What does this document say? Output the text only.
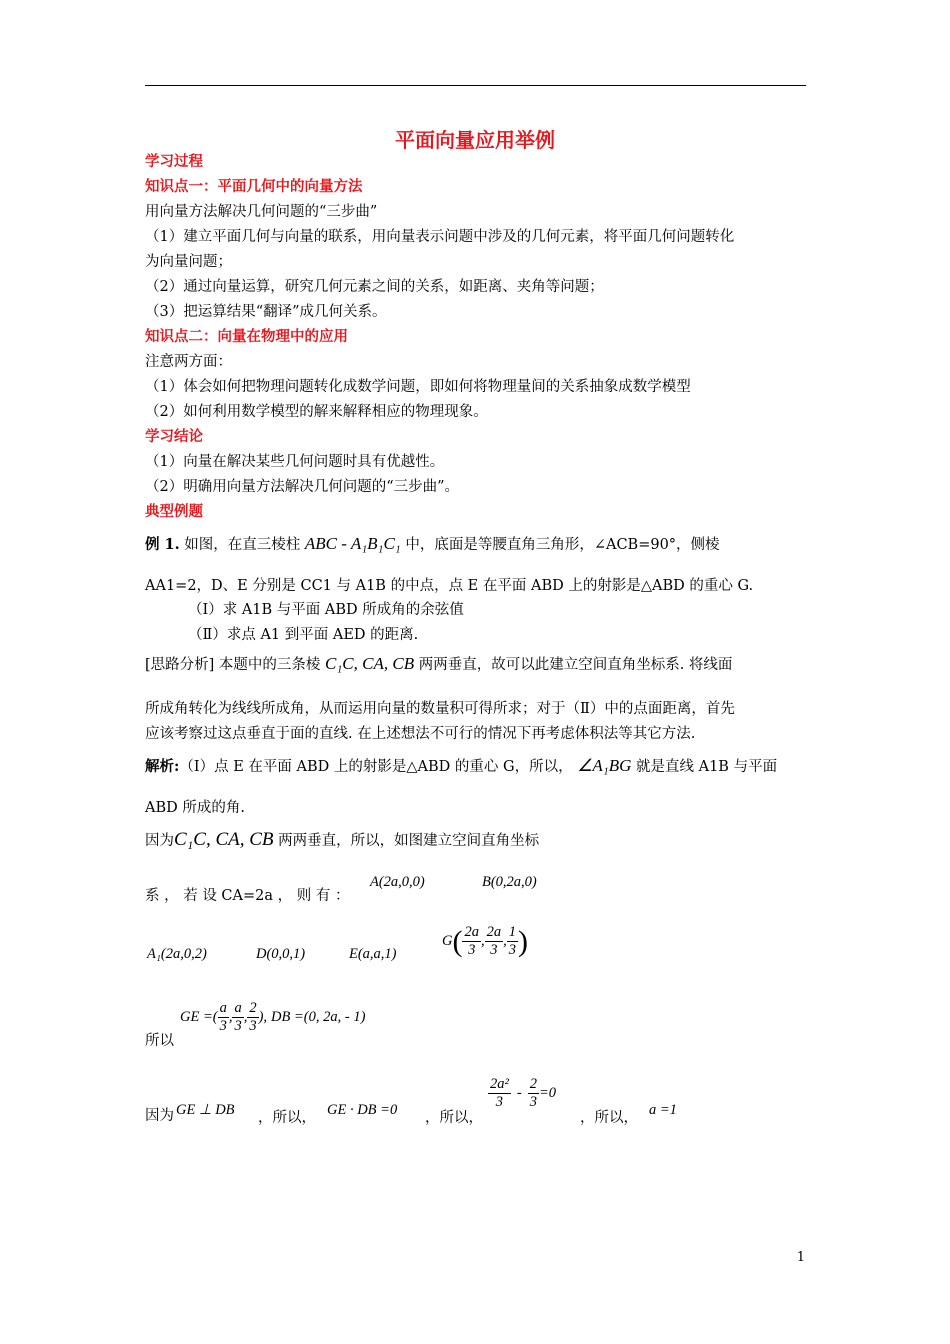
平面向量应用举例
学习过程
知识点一：平面几何中的向量方法
用向量方法解决几何问题的“三步曲”
（1）建立平面几何与向量的联系，用向量表示问题中涉及的几何元素，将平面几何问题转化
为向量问题；
（2）通过向量运算，研究几何元素之间的关系，如距离、夹角等问题；
（3）把运算结果“翻译”成几何关系。
知识点二：向量在物理中的应用
注意两方面：
（1）体会如何把物理问题转化成数学问题，即如何将物理量间的关系抽象成数学模型
（2）如何利用数学模型的解来解释相应的物理现象。
学习结论
（1）向量在解决某些几何问题时具有优越性。
（2）明确用向量方法解决几何问题的“三步曲”。
典型例题
例 1. 如图，在直三棱柱 ABC - A₁B₁C₁ 中，底面是等腰直角三角形，∠ACB=90°，侧棱
AA1=2，D、E 分别是 CC1 与 A1B 的中点，点 E 在平面 ABD 上的射影是△ABD 的重心 G.
（Ⅰ）求 A1B 与平面 ABD 所成角的余弦值
（Ⅱ）求点 A1 到平面 AED 的距离.
[思路分析] 本题中的三条棱 C₁C, CA, CB 两两垂直，故可以此建立空间直角坐标系. 将线面
所成角转化为线线所成角，从而运用向量的数量积可得所求；对于（Ⅱ）中的点面距离，首先
应该考察过这点垂直于面的直线. 在上述想法不可行的情况下再考虑体积法等其它方法.
解析:（Ⅰ）点 E 在平面 ABD 上的射影是△ABD 的重心 G，所以， ∠A₁BG 就是直线 A1B 与平面
ABD 所成的角.
因为C₁C, CA, CB 两两垂直，所以，如图建立空间直角坐标
系 ， 若 设 CA=2a ， 则 有 ：
A(2a,0,0)	B(0,2a,0)
A₁(2a,0,2)	D(0,0,1)	E(a,a,1)
G ( $\frac{2a}{3}$ , $\frac{2a}{3}$ , $\frac{1}{3}$ )
所以
GE =( $\frac{a}{3}$ , $\frac{a}{3}$ , $\frac{2}{3}$ ), DB =(0, 2a, - 1)
因为 GE ⊥ DB ，所以， GE · DB =0 ，所以，
$\frac{\text{2a²}}{3} - \frac{2}{3} =0$
，所以， a =1
1
